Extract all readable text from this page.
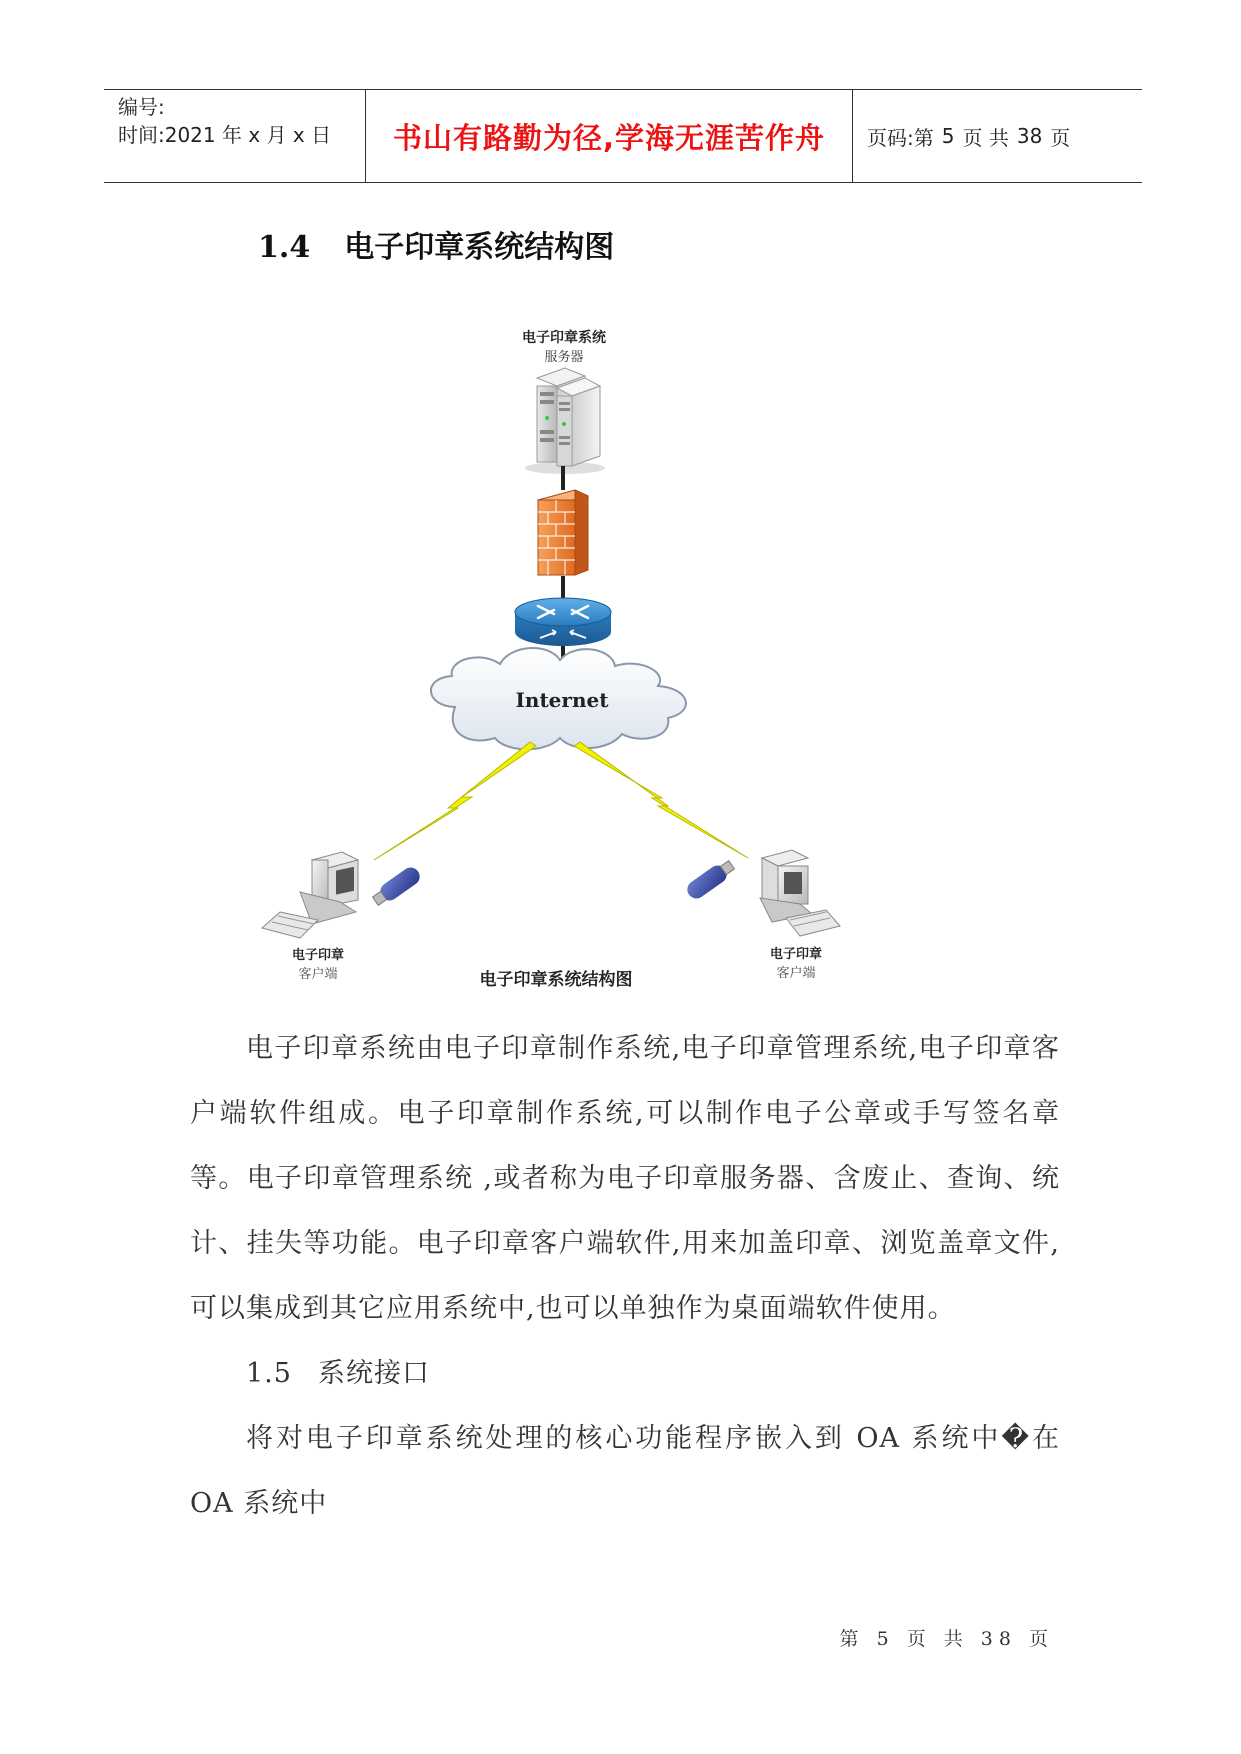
编号:
时间:2021 年 x 月 x 日	书山有路勤为径,学海无涯苦作舟 页码:第 5 页 共 38 页
1.4 电子印章系统结构图
电子印章系统
服务器
Internet
电子印章
客户端
电子印章
客户端
电子印章系统结构图

电子印章系统由电子印章制作系统,电子印章管理系统,电子印章客户端软件组成。电子印章制作系统,可以制作电子公章或手写签名章等。电子印章管理系统 ,或者称为电子印章服务器、含废止、查询、统计、挂失等功能。电子印章客户端软件,用来加盖印章、浏览盖章文件,可以集成到其它应用系统中,也可以单独作为桌面端软件使用。

1.5 系统接口

将对电子印章系统处理的核心功能程序嵌入到 OA 系统中�在 OA 系统中

第 5 页 共 38 页
